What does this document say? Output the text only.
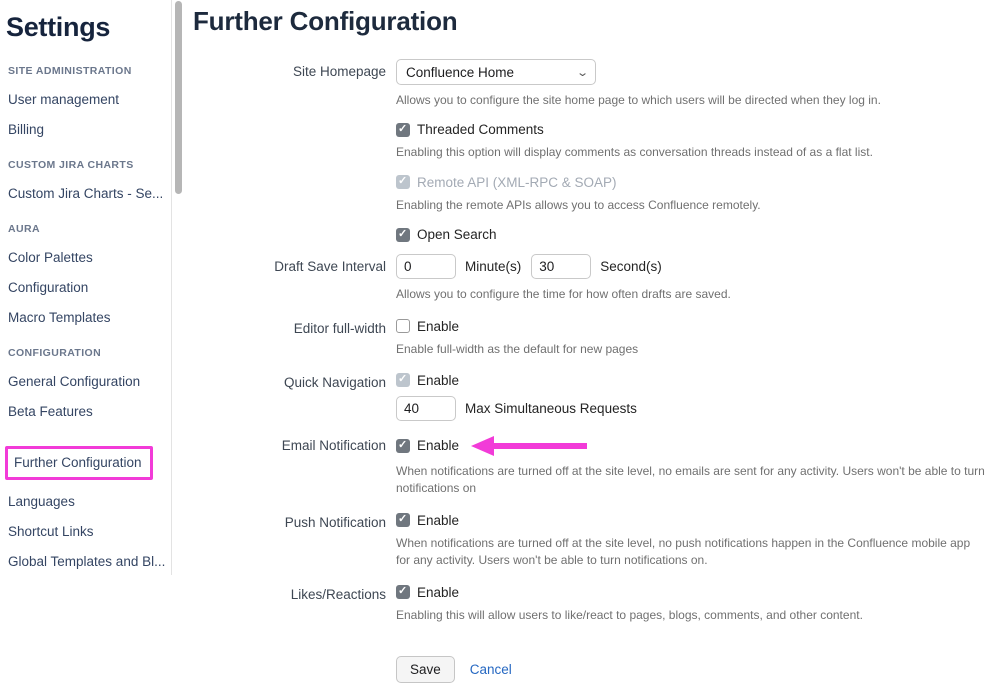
Settings
SITE ADMINISTRATION
User management
Billing
CUSTOM JIRA CHARTS
Custom Jira Charts - Se...
AURA
Color Palettes
Configuration
Macro Templates
CONFIGURATION
General Configuration
Beta Features

Further Configuration
Languages
Shortcut Links
Global Templates and Bl...
Further Configuration
Site Homepage Confluence Home	⌄
Allows you to configure the site home page to which users will be directed when they log in.
✓
Threaded Comments
Enabling this option will display comments as conversation threads instead of as a flat list.
✓
Remote API (XML-RPC & SOAP)
Enabling the remote APIs allows you to access Confluence remotely.
✓
Open Search
Draft Save Interval
0	Minute(s)
30	Second(s)
Allows you to configure the time for how often drafts are saved.
Editor full-width Enable
Enable full-width as the default for new pages
Quick Navigation ✓ Enable
40
Max Simultaneous Requests
Email Notification ✓ Enable
When notifications are turned off at the site level, no emails are sent for any activity. Users won't be able to turn notifications on
Push Notification ✓ Enable
When notifications are turned off at the site level, no push notifications happen in the Confluence mobile app for any activity. Users won't be able to turn notifications on.
Likes/Reactions ✓ Enable
Enabling this will allow users to like/react to pages, blogs, comments, and other content.
Save	Cancel
